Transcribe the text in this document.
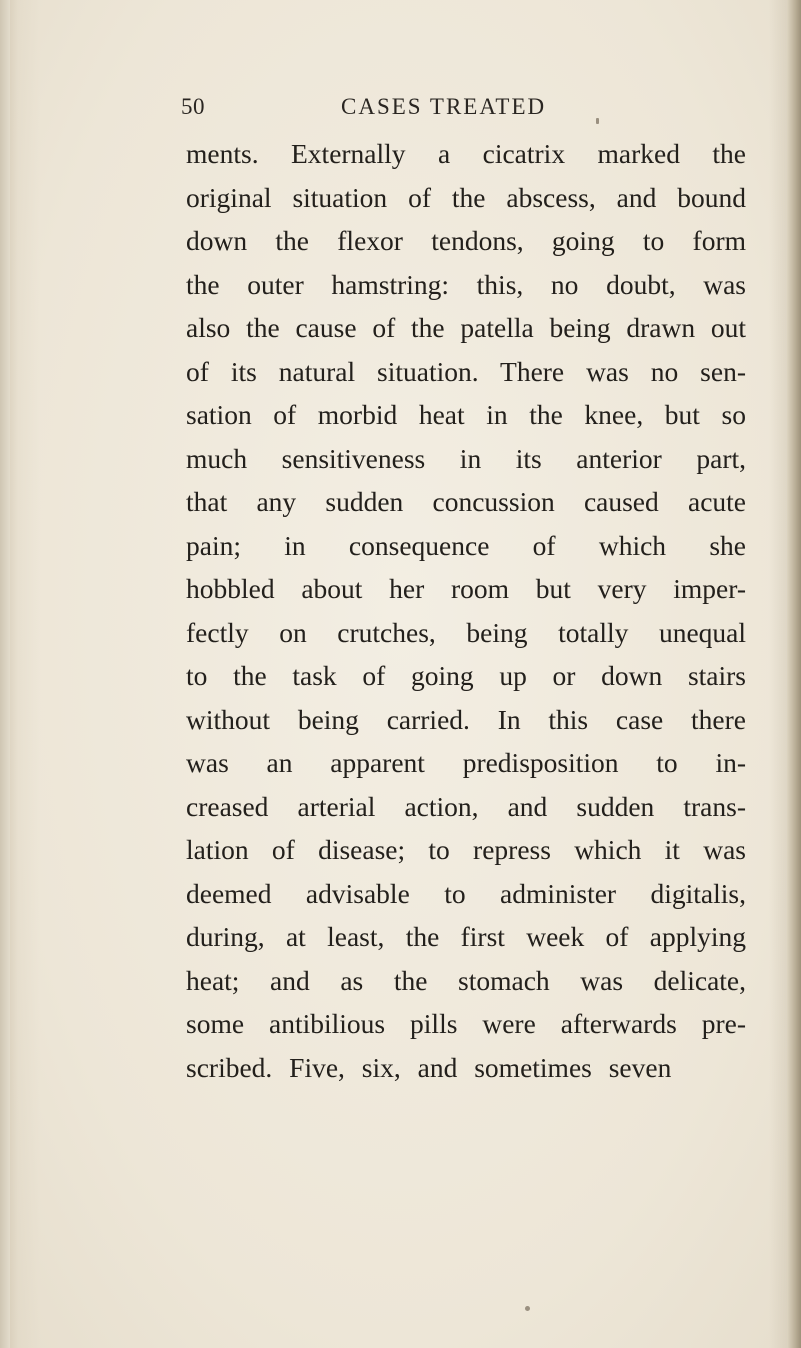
50	CASES TREATED
ments. Externally a cicatrix marked the
original situation of the abscess, and bound
down the flexor tendons, going to form
the outer hamstring: this, no doubt, was
also the cause of the patella being drawn out
of its natural situation. There was no sen-
sation of morbid heat in the knee, but so
much sensitiveness in its anterior part,
that any sudden concussion caused acute
pain; in consequence of which she
hobbled about her room but very imper-
fectly on crutches, being totally unequal
to the task of going up or down stairs
without being carried. In this case there
was an apparent predisposition to in-
creased arterial action, and sudden trans-
lation of disease; to repress which it was
deemed advisable to administer digitalis,
during, at least, the first week of applying
heat; and as the stomach was delicate,
some antibilious pills were afterwards pre-
scribed. Five, six, and sometimes seven
